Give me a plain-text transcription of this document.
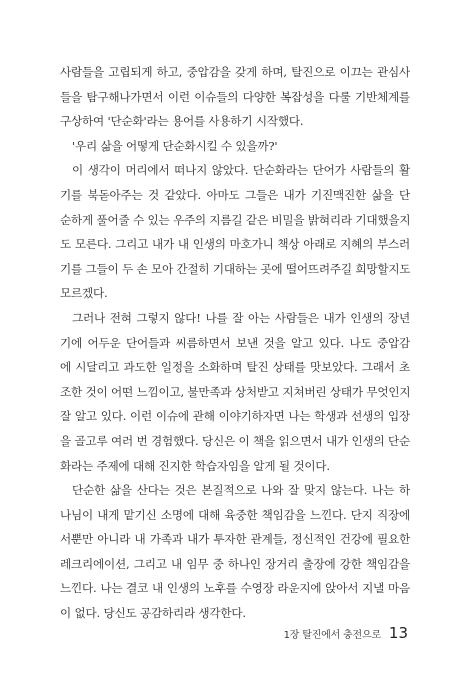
사람들을 고립되게 하고, 중압감을 갖게 하며, 탈진으로 이끄는 관심사
들을 탐구해나가면서 이런 이슈들의 다양한 복잡성을 다룰 기반체계를
구상하여 '단순화'라는 용어를 사용하기 시작했다.
'우리 삶을 어떻게 단순화시킬 수 있을까?'
이 생각이 머리에서 떠나지 않았다. 단순화라는 단어가 사람들의 활
기를 북돋아주는 것 같았다. 아마도 그들은 내가 기진맥진한 삶을 단
순하게 풀어줄 수 있는 우주의 지름길 같은 비밀을 밝혀리라 기대했을지
도 모른다. 그리고 내가 내 인생의 마호가니 책상 아래로 지혜의 부스러
기를 그들이 두 손 모아 간절히 기대하는 곳에 떨어뜨려주길 희망할지도
모르겠다.
그러나 전혀 그렇지 않다! 나를 잘 아는 사람들은 내가 인생의 장년
기에 어두운 단어들과 씨름하면서 보낸 것을 알고 있다. 나도 중압감
에 시달리고 과도한 일정을 소화하며 탈진 상태를 맛보았다. 그래서 초
조한 것이 어떤 느낌이고, 불만족과 상처받고 지쳐버린 상태가 무엇인지
잘 알고 있다. 이런 이슈에 관해 이야기하자면 나는 학생과 선생의 입장
을 골고루 여러 번 경험했다. 당신은 이 책을 읽으면서 내가 인생의 단순
화라는 주제에 대해 진지한 학습자임을 알게 될 것이다.
단순한 삶을 산다는 것은 본질적으로 나와 잘 맞지 않는다. 나는 하
나님이 내게 맡기신 소명에 대해 육중한 책임감을 느낀다. 단지 직장에
서뿐만 아니라 내 가족과 내가 투자한 관계들, 정신적인 건강에 필요한
레크리에이션, 그리고 내 임무 중 하나인 장거리 출장에 강한 책임감을
느낀다. 나는 결코 내 인생의 노후를 수영장 라운지에 앉아서 지낼 마음
이 없다. 당신도 공감하리라 생각한다.
1장 탈진에서 충전으로 13
